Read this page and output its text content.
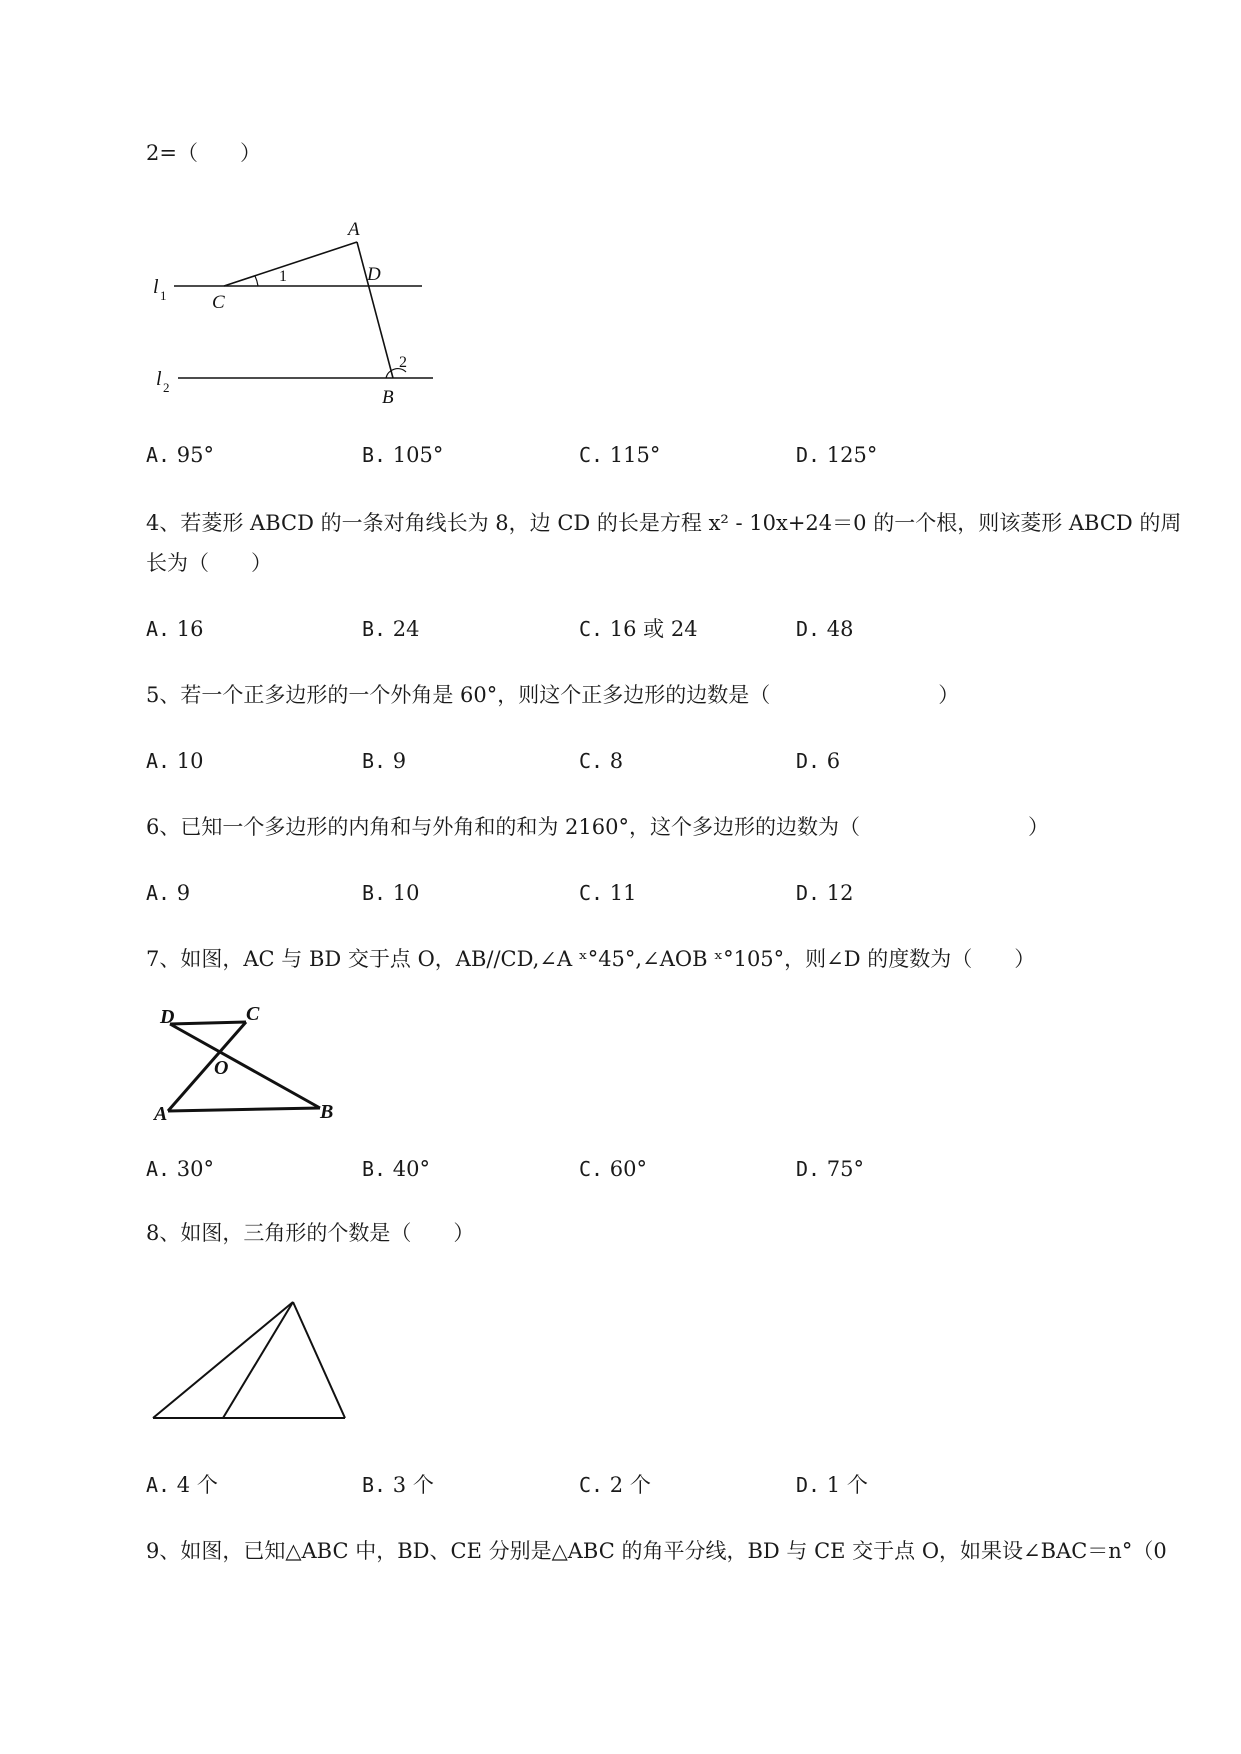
2=（　　）
A
D
C
B
1
2
l 1
l 2
A. 95°	B. 105°	C. 115°	D. 125°
4、若菱形 ABCD 的一条对角线长为 8，边 CD 的长是方程 x² - 10x+24＝0 的一个根，则该菱形 ABCD 的周
长为（　　）
A. 16	B. 24	C. 16 或 24	D. 48
5、若一个正多边形的一个外角是 60°，则这个正多边形的边数是（　　　　　　　　）
A. 10	B. 9	C. 8	D. 6
6、已知一个多边形的内角和与外角和的和为 2160°，这个多边形的边数为（　　　　　　　　）
A. 9	B. 10	C. 11	D. 12
7、如图，AC 与 BD 交于点 O，AB//CD,∠A ˣ°45°,∠AOB ˣ°105°，则∠D 的度数为（　　）
D	C
O
A	B
A. 30°	B. 40°	C. 60°	D. 75°
8、如图，三角形的个数是（　　）
A. 4 个	B. 3 个	C. 2 个	D. 1 个
9、如图，已知△ABC 中，BD、CE 分别是△ABC 的角平分线，BD 与 CE 交于点 O，如果设∠BAC＝n°（0
